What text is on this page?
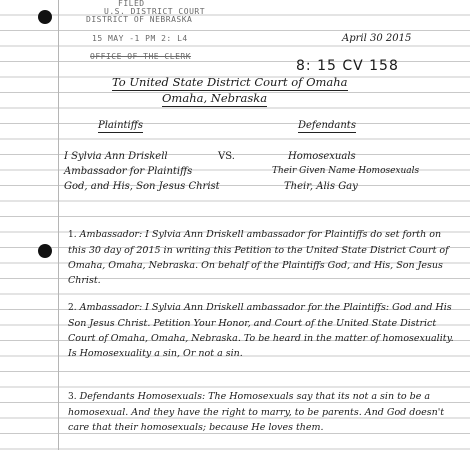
FILED
U.S. DISTRICT COURT
DISTRICT OF NEBRASKA
15 MAY -1 PM 2: L4
OFFICE OF THE CLERK
April 30 2015
8: 15 CV 158
To United State District Court of Omaha
Omaha, Nebraska
Plaintiffs	Defendants
I Sylvia Ann Driskell	VS.	Homosexuals
Ambassador for Plaintiffs	Their Given Name Homosexuals
God, and His, Son Jesus Christ	Their, Alis Gay
1. Ambassador: I Sylvia Ann Driskell ambassador for Plaintiffs do set forth on this 30 day of 2015 in writing this Petition to the United State District Court of Omaha, Omaha, Nebraska. On behalf of the Plaintiffs God, and His, Son Jesus Christ.
2. Ambassador: I Sylvia Ann Driskell ambassador for the Plaintiffs: God and His Son Jesus Christ. Petition Your Honor, and Court of the United State District Court of Omaha, Omaha, Nebraska. To be heard in the matter of homosexuality. Is Homosexuality a sin, Or not a sin.
3. Defendants Homosexuals: The Homosexuals say that its not a sin to be a homosexual. And they have the right to marry, to be parents. And God doesn't care that their homosexuals; because He loves them.
